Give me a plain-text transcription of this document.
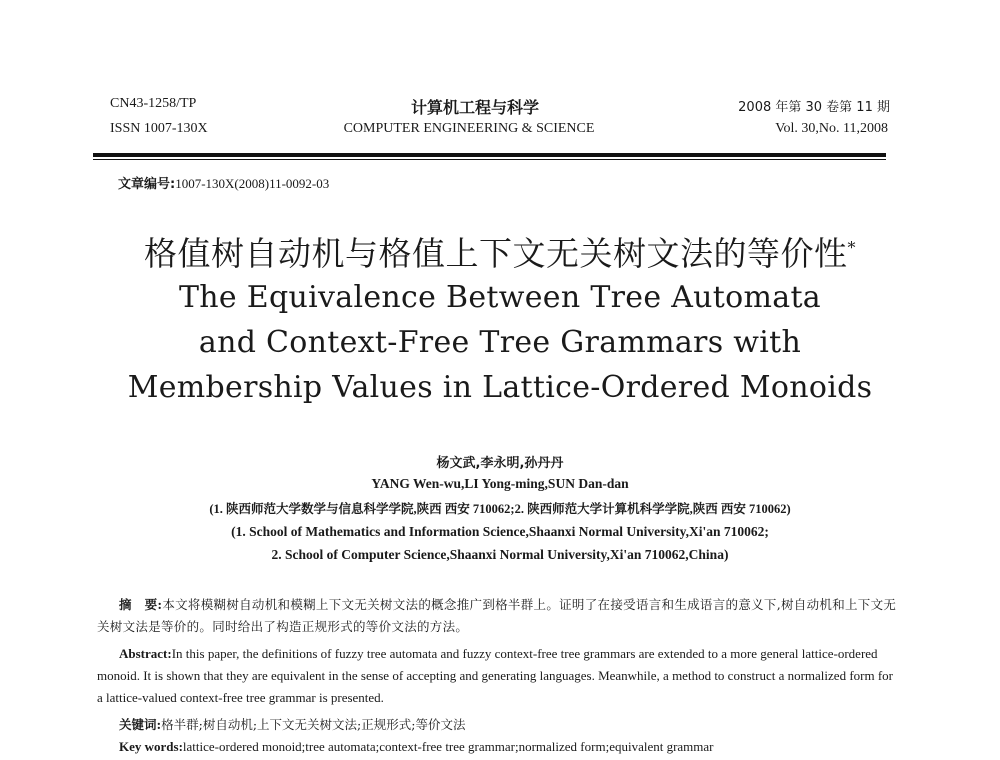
CN43-1258/TP
ISSN 1007-130X
计算机工程与科学
COMPUTER ENGINEERING & SCIENCE
2008 年第 30 卷第 11 期
Vol. 30,No. 11,2008
文章编号:1007-130X(2008)11-0092-03
格值树自动机与格值上下文无关树文法的等价性*
The Equivalence Between Tree Automata
and Context-Free Tree Grammars with
Membership Values in Lattice-Ordered Monoids
杨文武,李永明,孙丹丹
YANG Wen-wu,LI Yong-ming,SUN Dan-dan
(1. 陕西师范大学数学与信息科学学院,陕西 西安 710062;2. 陕西师范大学计算机科学学院,陕西 西安 710062)
(1. School of Mathematics and Information Science,Shaanxi Normal University,Xi'an 710062;
2. School of Computer Science,Shaanxi Normal University,Xi'an 710062,China)
摘　要:本文将模糊树自动机和模糊上下文无关树文法的概念推广到格半群上。证明了在接受语言和生成语言的意义下,树自动机和上下文无关树文法是等价的。同时给出了构造正规形式的等价文法的方法。
Abstract:In this paper, the definitions of fuzzy tree automata and fuzzy context-free tree grammars are extended to a more general lattice-ordered monoid. It is shown that they are equivalent in the sense of accepting and generating languages. Meanwhile, a method to construct a normalized form for a lattice-valued context-free tree grammar is presented.
关键词:格半群;树自动机;上下文无关树文法;正规形式;等价文法
Key words:lattice-ordered monoid;tree automata;context-free tree grammar;normalized form;equivalent grammar
